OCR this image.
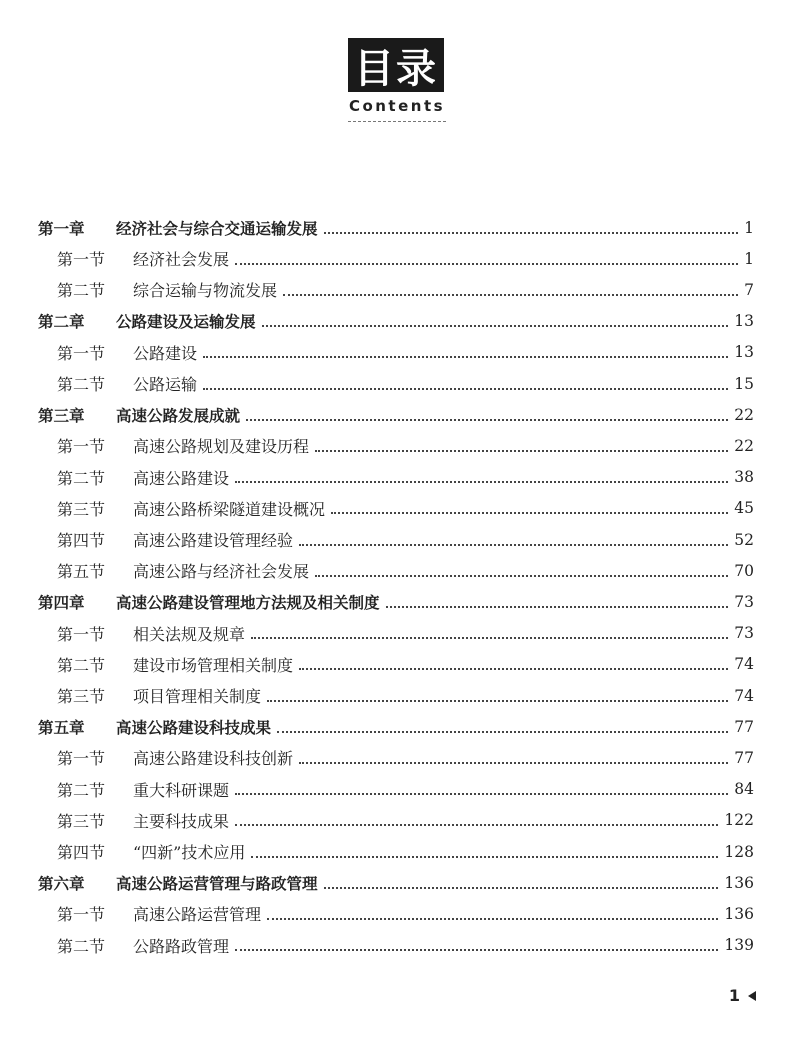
目录
Contents
第一章	经济社会与综合交通运输发展	1
第一节	经济社会发展	1
第二节	综合运输与物流发展	7
第二章	公路建设及运输发展	13
第一节	公路建设	13
第二节	公路运输	15
第三章	高速公路发展成就	22
第一节	高速公路规划及建设历程	22
第二节	高速公路建设	38
第三节	高速公路桥梁隧道建设概况	45
第四节	高速公路建设管理经验	52
第五节	高速公路与经济社会发展	70
第四章	高速公路建设管理地方法规及相关制度	73
第一节	相关法规及规章	73
第二节	建设市场管理相关制度	74
第三节	项目管理相关制度	74
第五章	高速公路建设科技成果	77
第一节	高速公路建设科技创新	77
第二节	重大科研课题	84
第三节	主要科技成果	122
第四节	“四新”技术应用	128
第六章	高速公路运营管理与路政管理	136
第一节	高速公路运营管理	136
第二节	公路路政管理	139
1
